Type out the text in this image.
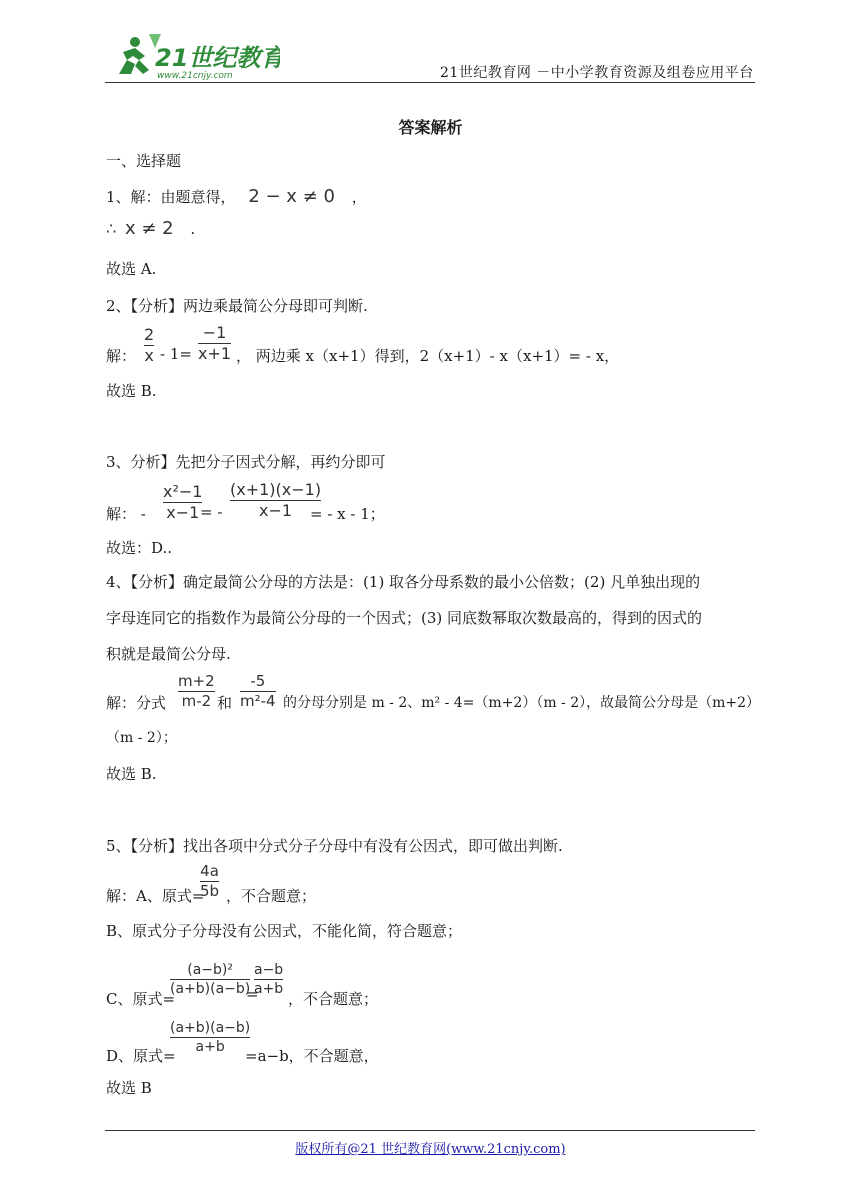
21世纪教育
www.21cnjy.com	21世纪教育网 －中小学教育资源及组卷应用平台
答案解析
一、选择题
1、解：由题意得， 2 − x ≠ 0 ，
∴ x ≠ 2 .
故选 A.
2、【分析】两边乘最简公分母即可判断.
解：
2
x - 1=
−1
x+1 ， 两边乘 x（x+1）得到，2（x+1）- x（x+1）= - x，
故选 B.
3、分析】先把分子因式分解，再约分即可
解： -
x²−1
x−1 = -
(x+1)(x−1)
x−1 = - x - 1；
故选：D..
4、【分析】确定最简公分母的方法是：(1) 取各分母系数的最小公倍数；(2) 凡单独出现的
字母连同它的指数作为最简公分母的一个因式；(3) 同底数幂取次数最高的，得到的因式的
积就是最简公分母.
解：分式
m+2
m-2 和
-5
m²-4 的分母分别是 m - 2、m² - 4=（m+2）（m - 2），故最简公分母是（m+2）
（m - 2）；
故选 B.
5、【分析】找出各项中分式分子分母中有没有公因式，即可做出判断.
解：A、原式=
4a
5b ，不合题意；
B、原式分子分母没有公因式，不能化简，符合题意；
C、原式=
(a−b)²
(a+b)(a−b)
=
a−b
a+b
，不合题意；
D、原式=
(a+b)(a−b)
a+b =a−b，不合题意，
故选 B
版权所有@21 世纪教育网(www.21cnjy.com)
